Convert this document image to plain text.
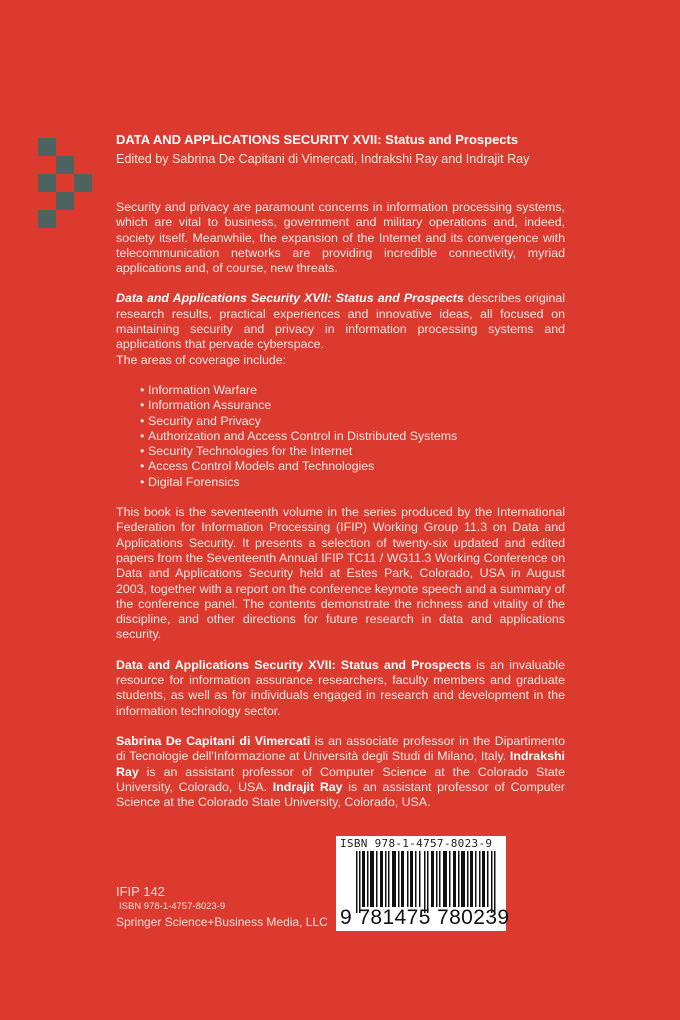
DATA AND APPLICATIONS SECURITY XVII: Status and Prospects
Edited by Sabrina De Capitani di Vimercati, Indrakshi Ray and Indrajit Ray

Security and privacy are paramount concerns in information processing systems, which are vital to business, government and military operations and, indeed, society itself. Meanwhile, the expansion of the Internet and its convergence with telecommunication networks are providing incredible connectivity, myriad applications and, of course, new threats.

Data and Applications Security XVII: Status and Prospects describes original research results, practical experiences and innovative ideas, all focused on maintaining security and privacy in information processing systems and applications that pervade cyberspace.

The areas of coverage include:

• Information Warfare
• Information Assurance
• Security and Privacy
• Authorization and Access Control in Distributed Systems
• Security Technologies for the Internet
• Access Control Models and Technologies
• Digital Forensics

This book is the seventeenth volume in the series produced by the International Federation for Information Processing (IFIP) Working Group 11.3 on Data and Applications Security. It presents a selection of twenty-six updated and edited papers from the Seventeenth Annual IFIP TC11 / WG11.3 Working Conference on Data and Applications Security held at Estes Park, Colorado, USA in August 2003, together with a report on the conference keynote speech and a summary of the conference panel. The contents demonstrate the richness and vitality of the discipline, and other directions for future research in data and applications security.

Data and Applications Security XVII: Status and Prospects is an invaluable resource for information assurance researchers, faculty members and graduate students, as well as for individuals engaged in research and development in the information technology sector.

Sabrina De Capitani di Vimercati is an associate professor in the Dipartimento di Tecnologie dell'Informazione at Università degli Studi di Milano, Italy. Indrakshi Ray is an assistant professor of Computer Science at the Colorado State University, Colorado, USA. Indrajit Ray is an assistant professor of Computer Science at the Colorado State University, Colorado, USA.

IFIP 142
ISBN 978-1-4757-8023-9
Springer Science+Business Media, LLC
ISBN 978-1-4757-8023-9
9 781475 780239
